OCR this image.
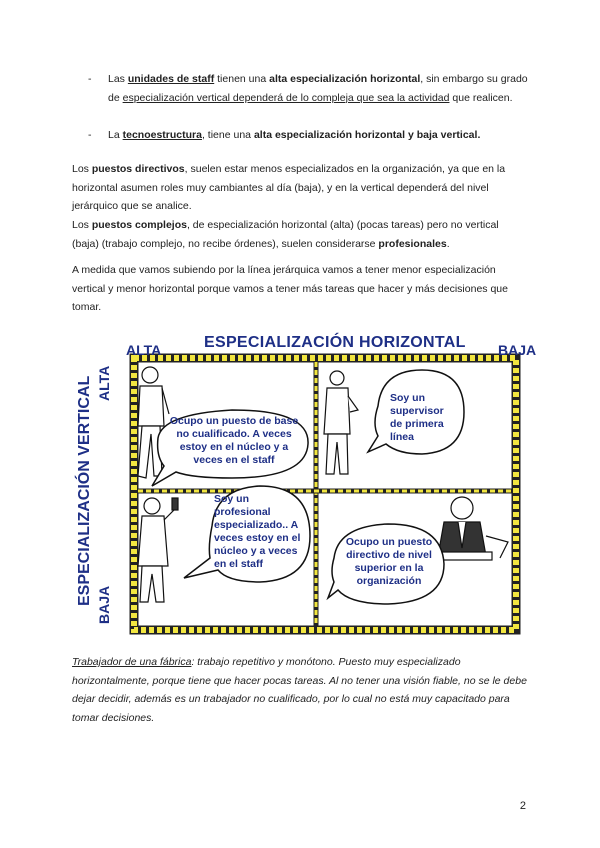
- Las unidades de staff tienen una alta especialización horizontal, sin embargo su grado de especialización vertical dependerá de lo compleja que sea la actividad que realicen.
- La tecnoestructura, tiene una alta especialización horizontal y baja vertical.
Los puestos directivos, suelen estar menos especializados en la organización, ya que en la horizontal asumen roles muy cambiantes al día (baja), y en la vertical dependerá del nivel jerárquico que se analice.
Los puestos complejos, de especialización horizontal (alta) (pocas tareas) pero no vertical (baja) (trabajo complejo, no recibe órdenes), suelen considerarse profesionales.
A medida que vamos subiendo por la línea jerárquica vamos a tener menor especialización vertical y menor horizontal porque vamos a tener más tareas que hacer y más decisiones que tomar.
ESPECIALIZACIÓN HORIZONTAL
ALTA	BAJA
ESPECIALIZACIÓN VERTICAL ALTA
BAJA
Ocupo un puesto de base no cualificado. A veces estoy en el núcleo y a veces en el staff
Soy un supervisor de primera línea
Soy un profesional especializado.. A veces estoy en el núcleo y a veces en el staff
Ocupo un puesto directivo de nivel superior en la organización
Trabajador de una fábrica: trabajo repetitivo y monótono. Puesto muy especializado horizontalmente, porque tiene que hacer pocas tareas. Al no tener una visión fiable, no se le debe dejar decidir, además es un trabajador no cualificado, por lo cual no está muy capacitado para tomar decisiones.
2
